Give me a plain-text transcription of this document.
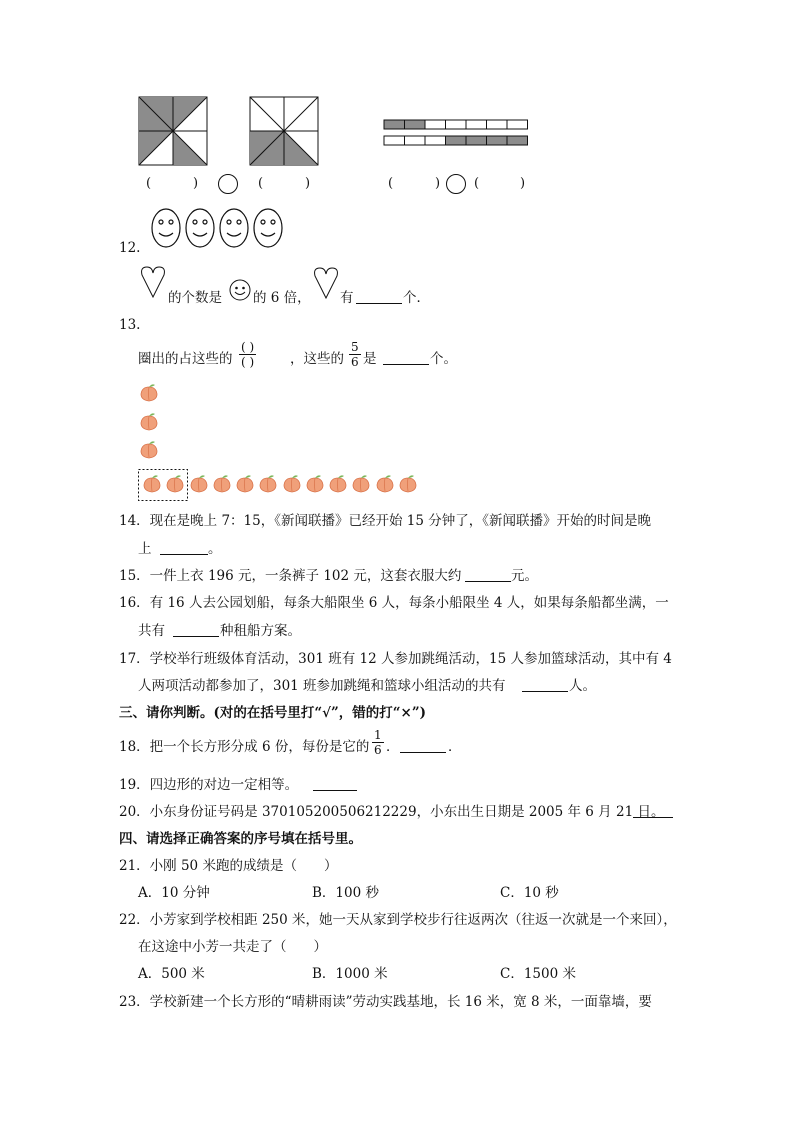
(	)	(	)	(	)	(	)
12.
的个数是 的 6 倍， 有	个．
13.
圈出的占这些的
( )
( )	，这些的 $\frac{5}{6}$ 是	个。
14．现在是晚上 7：15，《新闻联播》已经开始 15 分钟了，《新闻联播》开始的时间是晚
上	。
15．一件上衣 196 元，一条裤子 102 元，这套衣服大约	元。
16．有 16 人去公园划船，每条大船限坐 6 人，每条小船限坐 4 人，如果每条船都坐满，一
共有	种租船方案。
17．学校举行班级体育活动，301 班有 12 人参加跳绳活动，15 人参加篮球活动，其中有 4
人两项活动都参加了，301 班参加跳绳和篮球小组活动的共有	人。
三、请你判断。(对的在括号里打“√”，错的打“×”)
18．把一个长方形分成 6 份，每份是它的 $\frac{1}{6}$ ．	．
19．四边形的对边一定相等。
20．小东身份证号码是 370105200506212229，小东出生日期是 2005 年 6 月 21 日。
四、请选择正确答案的序号填在括号里。
21．小刚 50 米跑的成绩是（　　）
A．10 分钟	B．100 秒	C．10 秒
22．小芳家到学校相距 250 米，她一天从家到学校步行往返两次（往返一次就是一个来回），
在这途中小芳一共走了（　　）
A．500 米	B．1000 米	C．1500 米
23．学校新建一个长方形的“晴耕雨读”劳动实践基地，长 16 米，宽 8 米，一面靠墙，要
